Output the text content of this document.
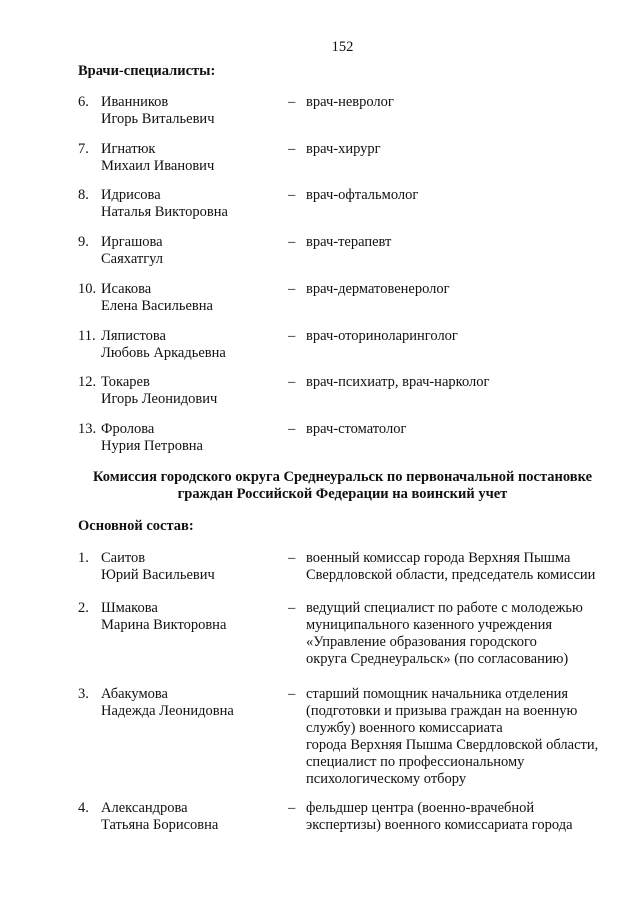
152
Врачи-специалисты:
6. Иванников
Игорь Витальевич
– врач-невролог
7. Игнатюк
Михаил Иванович
– врач-хирург
8. Идрисова
Наталья Викторовна
– врач-офтальмолог
9. Иргашова
Саяхатгул
– врач-терапевт
10. Исакова
Елена Васильевна
– врач-дерматовенеролог
11. Ляпистова
Любовь Аркадьевна
– врач-оториноларинголог
12. Токарев
Игорь Леонидович
– врач-психиатр, врач-нарколог
13. Фролова
Нурия Петровна
– врач-стоматолог
Комиссия городского округа Среднеуральск по первоначальной постановке
граждан Российской Федерации на воинский учет
Основной состав:
1. Саитов
Юрий Васильевич
– военный комиссар города Верхняя Пышма
Свердловской области, председатель комиссии
2. Шмакова
Марина Викторовна
– ведущий специалист по работе с молодежью
муниципального казенного учреждения
«Управление образования городского
округа Среднеуральск» (по согласованию)
3. Абакумова
Надежда Леонидовна
– старший помощник начальника отделения
(подготовки и призыва граждан на военную
службу) военного комиссариата
города Верхняя Пышма Свердловской области,
специалист по профессиональному
психологическому отбору
4. Александрова
Татьяна Борисовна
– фельдшер центра (военно-врачебной
экспертизы) военного комиссариата города
